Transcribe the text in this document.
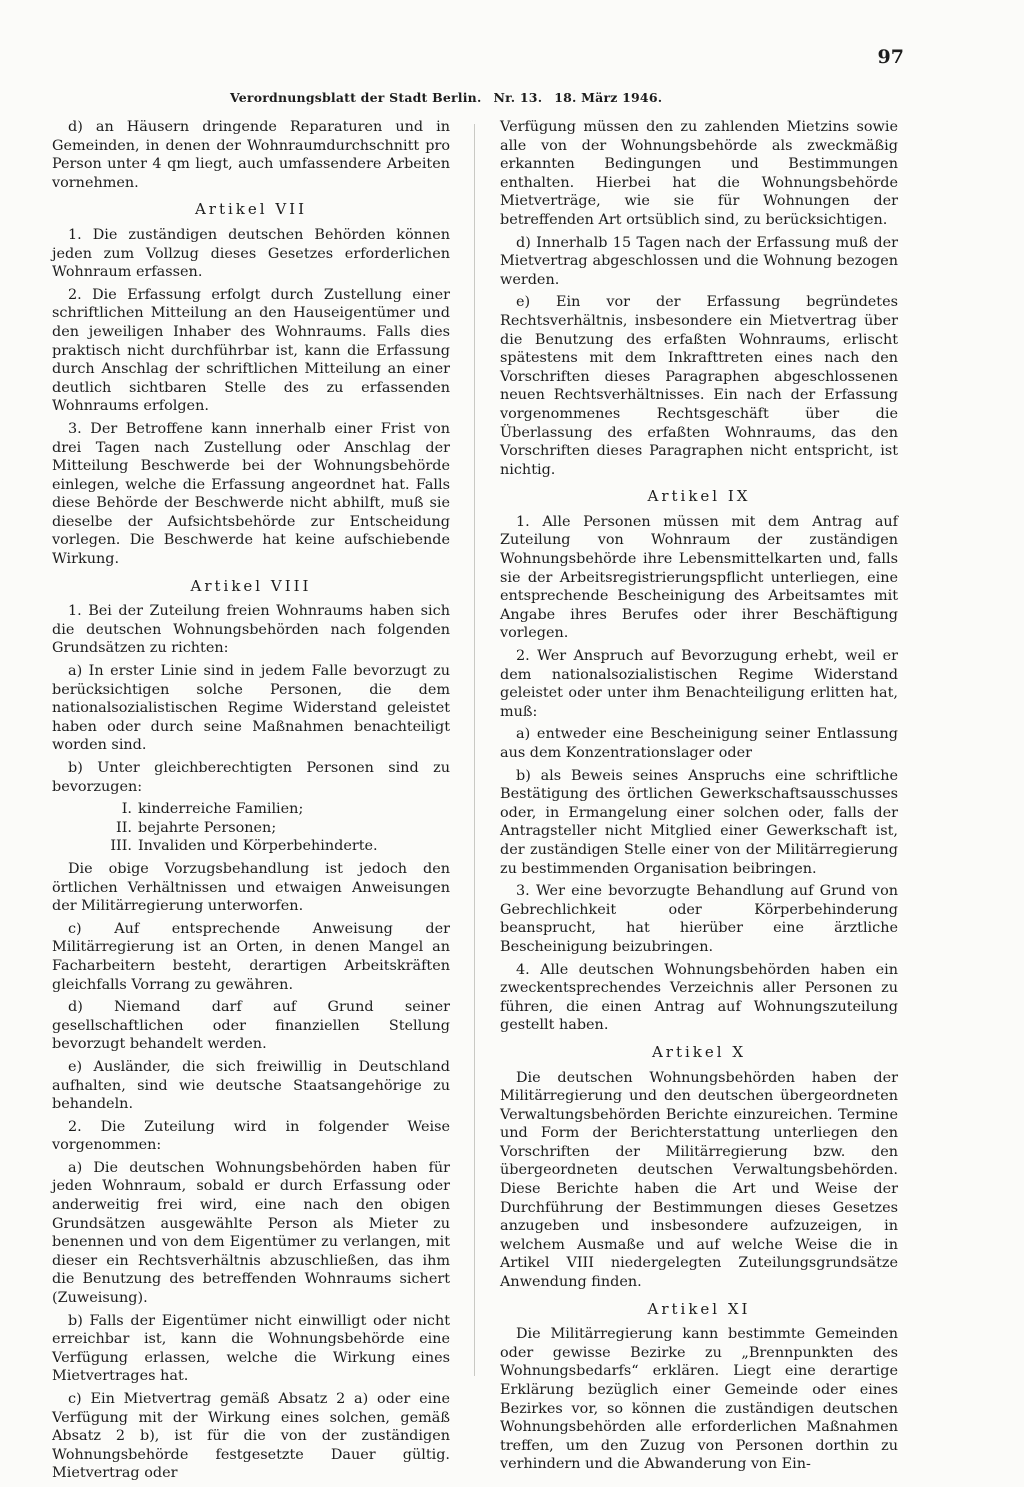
97
Verordnungsblatt der Stadt Berlin. Nr. 13. 18. März 1946.

d) an Häusern dringende Reparaturen und in Gemeinden, in denen der Wohnraumdurchschnitt pro Person unter 4 qm liegt, auch umfassendere Arbeiten vornehmen.

Artikel VII

1. Die zuständigen deutschen Behörden können jeden zum Vollzug dieses Gesetzes erforderlichen Wohnraum erfassen.

2. Die Erfassung erfolgt durch Zustellung einer schriftlichen Mitteilung an den Hauseigentümer und den jeweiligen Inhaber des Wohnraums. Falls dies praktisch nicht durchführbar ist, kann die Erfassung durch Anschlag der schriftlichen Mitteilung an einer deutlich sichtbaren Stelle des zu erfassenden Wohnraums erfolgen.

3. Der Betroffene kann innerhalb einer Frist von drei Tagen nach Zustellung oder Anschlag der Mitteilung Beschwerde bei der Wohnungsbehörde einlegen, welche die Erfassung angeordnet hat. Falls diese Behörde der Beschwerde nicht abhilft, muß sie dieselbe der Aufsichtsbehörde zur Entscheidung vorlegen. Die Beschwerde hat keine aufschiebende Wirkung.

Artikel VIII

1. Bei der Zuteilung freien Wohnraums haben sich die deutschen Wohnungsbehörden nach folgenden Grundsätzen zu richten:

a) In erster Linie sind in jedem Falle bevorzugt zu berücksichtigen solche Personen, die dem nationalsozialistischen Regime Widerstand geleistet haben oder durch seine Maßnahmen benachteiligt worden sind.

b) Unter gleichberechtigten Personen sind zu bevorzugen:

I. kinderreiche Familien;
II. bejahrte Personen;
III. Invaliden und Körperbehinderte.

Die obige Vorzugsbehandlung ist jedoch den örtlichen Verhältnissen und etwaigen Anweisungen der Militärregierung unterworfen.

c) Auf entsprechende Anweisung der Militärregierung ist an Orten, in denen Mangel an Facharbeitern besteht, derartigen Arbeitskräften gleichfalls Vorrang zu gewähren.

d) Niemand darf auf Grund seiner gesellschaftlichen oder finanziellen Stellung bevorzugt behandelt werden.

e) Ausländer, die sich freiwillig in Deutschland aufhalten, sind wie deutsche Staatsangehörige zu behandeln.

2. Die Zuteilung wird in folgender Weise vorgenommen:

a) Die deutschen Wohnungsbehörden haben für jeden Wohnraum, sobald er durch Erfassung oder anderweitig frei wird, eine nach den obigen Grundsätzen ausgewählte Person als Mieter zu benennen und von dem Eigentümer zu verlangen, mit dieser ein Rechtsverhältnis abzuschließen, das ihm die Benutzung des betreffenden Wohnraums sichert (Zuweisung).

b) Falls der Eigentümer nicht einwilligt oder nicht erreichbar ist, kann die Wohnungsbehörde eine Verfügung erlassen, welche die Wirkung eines Mietvertrages hat.

c) Ein Mietvertrag gemäß Absatz 2 a) oder eine Verfügung mit der Wirkung eines solchen, gemäß Absatz 2 b), ist für die von der zuständigen Wohnungsbehörde festgesetzte Dauer gültig. Mietvertrag oder

Verfügung müssen den zu zahlenden Mietzins sowie alle von der Wohnungsbehörde als zweckmäßig erkannten Bedingungen und Bestimmungen enthalten. Hierbei hat die Wohnungsbehörde Mietverträge, wie sie für Wohnungen der betreffenden Art ortsüblich sind, zu berücksichtigen.

d) Innerhalb 15 Tagen nach der Erfassung muß der Mietvertrag abgeschlossen und die Wohnung bezogen werden.

e) Ein vor der Erfassung begründetes Rechtsverhältnis, insbesondere ein Mietvertrag über die Benutzung des erfaßten Wohnraums, erlischt spätestens mit dem Inkrafttreten eines nach den Vorschriften dieses Paragraphen abgeschlossenen neuen Rechtsverhältnisses. Ein nach der Erfassung vorgenommenes Rechtsgeschäft über die Überlassung des erfaßten Wohnraums, das den Vorschriften dieses Paragraphen nicht entspricht, ist nichtig.

Artikel IX

1. Alle Personen müssen mit dem Antrag auf Zuteilung von Wohnraum der zuständigen Wohnungsbehörde ihre Lebensmittelkarten und, falls sie der Arbeitsregistrierungspflicht unterliegen, eine entsprechende Bescheinigung des Arbeitsamtes mit Angabe ihres Berufes oder ihrer Beschäftigung vorlegen.

2. Wer Anspruch auf Bevorzugung erhebt, weil er dem nationalsozialistischen Regime Widerstand geleistet oder unter ihm Benachteiligung erlitten hat, muß:

a) entweder eine Bescheinigung seiner Entlassung aus dem Konzentrationslager oder

b) als Beweis seines Anspruchs eine schriftliche Bestätigung des örtlichen Gewerkschaftsausschusses oder, in Ermangelung einer solchen oder, falls der Antragsteller nicht Mitglied einer Gewerkschaft ist, der zuständigen Stelle einer von der Militärregierung zu bestimmenden Organisation beibringen.

3. Wer eine bevorzugte Behandlung auf Grund von Gebrechlichkeit oder Körperbehinderung beansprucht, hat hierüber eine ärztliche Bescheinigung beizubringen.

4. Alle deutschen Wohnungsbehörden haben ein zweckentsprechendes Verzeichnis aller Personen zu führen, die einen Antrag auf Wohnungszuteilung gestellt haben.

Artikel X

Die deutschen Wohnungsbehörden haben der Militärregierung und den deutschen übergeordneten Verwaltungsbehörden Berichte einzureichen. Termine und Form der Berichterstattung unterliegen den Vorschriften der Militärregierung bzw. den übergeordneten deutschen Verwaltungsbehörden. Diese Berichte haben die Art und Weise der Durchführung der Bestimmungen dieses Gesetzes anzugeben und insbesondere aufzuzeigen, in welchem Ausmaße und auf welche Weise die in Artikel VIII niedergelegten Zuteilungsgrundsätze Anwendung finden.

Artikel XI

Die Militärregierung kann bestimmte Gemeinden oder gewisse Bezirke zu „Brennpunkten des Wohnungsbedarfs“ erklären. Liegt eine derartige Erklärung bezüglich einer Gemeinde oder eines Bezirkes vor, so können die zuständigen deutschen Wohnungsbehörden alle erforderlichen Maßnahmen treffen, um den Zuzug von Personen dorthin zu verhindern und die Abwanderung von Ein-
